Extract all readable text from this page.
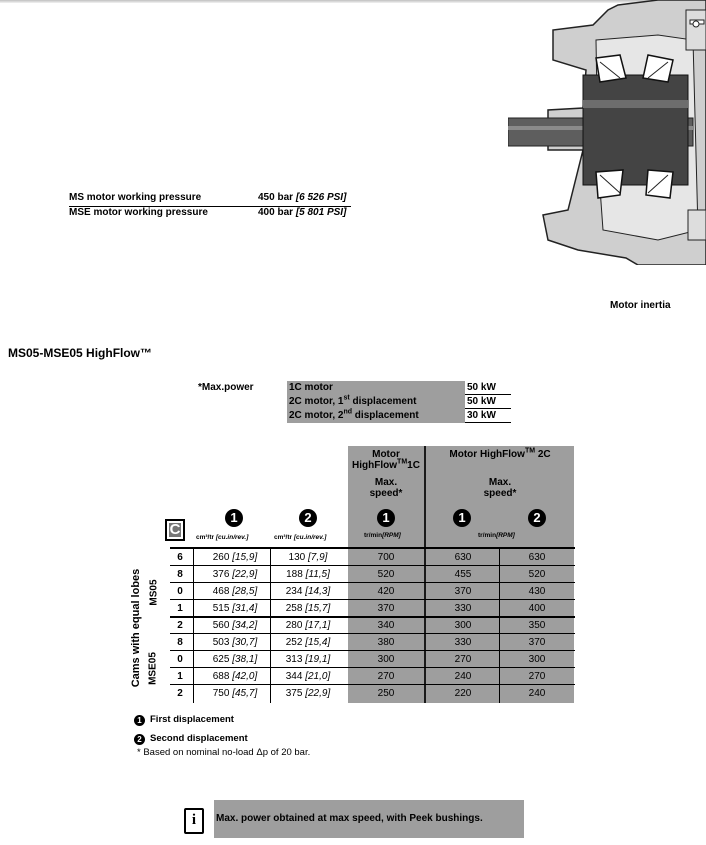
MS motor working pressure	450 bar [6 526 PSI]
MSE motor working pressure	400 bar [5 801 PSI]
Motor inertia
MS05-MSE05 HighFlow™
*Max.power	1C motor	50 kW
2C motor, 1st displacement	50 kW
2C motor, 2nd displacement	30 kW
Motor
HighFlow™1C
Motor HighFlow™ 2C
Max.
speed*
Max.
speed*
C
1	2	1	1	2
cm³/tr [cu.in/rev.]	cm³/tr [cu.in/rev.]	tr/min[RPM]	tr/min[RPM]
6	260 [15,9]	130 [7,9]	700	630	630
8	376 [22,9]	188 [11,5]	520	455	520
0	468 [28,5]	234 [14,3]	420	370	430
1	515 [31,4]	258 [15,7]	370	330	400
2	560 [34,2]	280 [17,1]	340	300	350
8	503 [30,7]	252 [15,4]	380	330	370
0	625 [38,1]	313 [19,1]	300	270	300
1	688 [42,0]	344 [21,0]	270	240	270
2	750 [45,7]	375 [22,9]	250	220	240
Cams with equal lobes MS05
MSE05
1 First displacement
2 Second displacement
* Based on nominal no-load Δp of 20 bar.
i	Max. power obtained at max speed, with Peek bushings.
